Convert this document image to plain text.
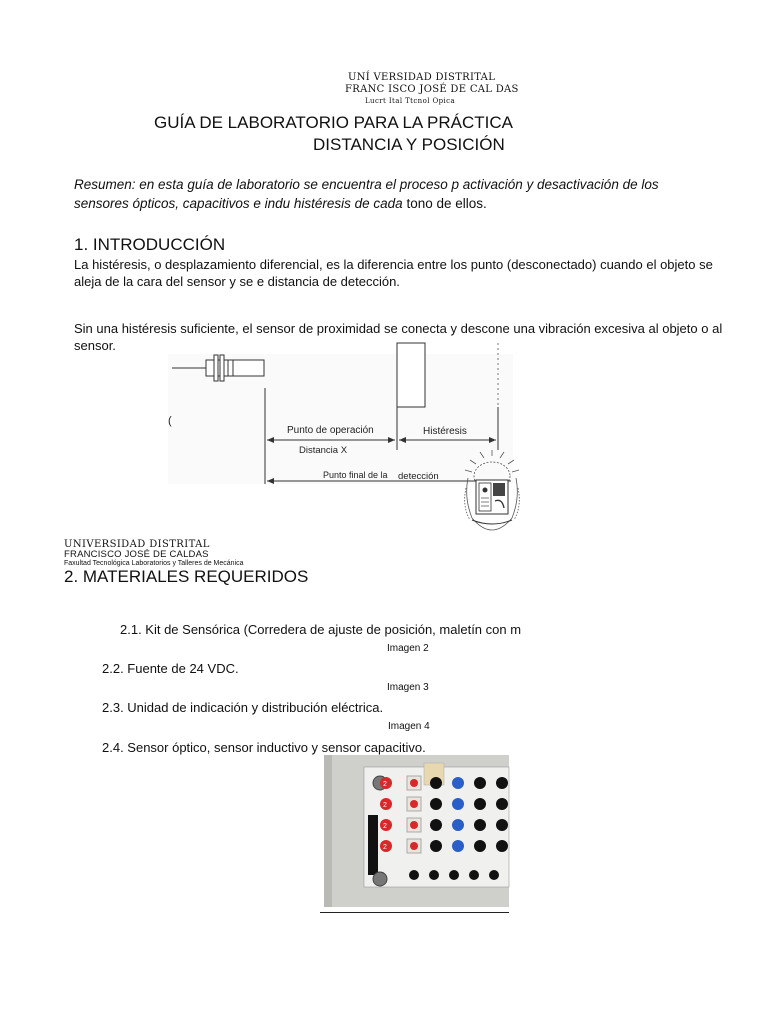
UNÍ VERSIDAD DISTRITAL
FRANC ISCO JOSÉ DE CAL DAS
Lucrt Ital Ttcnol Opica
GUÍA DE LABORATORIO PARA LA PRÁCTICA
DISTANCIA Y POSICIÓN
Resumen: en esta guía de laboratorio se encuentra el proceso p activación y desactivación de los sensores ópticos, capacitivos e indu histéresis de cada tono de ellos.
1. INTRODUCCIÓN
La histéresis, o desplazamiento diferencial, es la diferencia entre los punto (desconectado) cuando el objeto se aleja de la cara del sensor y se e distancia de detección.
Sin una histéresis suficiente, el sensor de proximidad se conecta y descone una vibración excesiva al objeto o al sensor.
Punto de operación
Distancia X
Histéresis
Punto final de la detección
(
UNIVERSIDAD DISTRITAL
FRANCISCO JOSÉ DE CALDAS
Faxultad Tecnológica Laboratorios y Talleres de Mecánica
2. MATERIALES REQUERIDOS
2.1. Kit de Sensórica (Corredera de ajuste de posición, maletín con m
Imagen 2
2.2. Fuente de 24 VDC.
Imagen 3
2.3. Unidad de indicación y distribución eléctrica.
Imagen 4
2.4. Sensor óptico, sensor inductivo y sensor capacitivo.
2
2
2
2
